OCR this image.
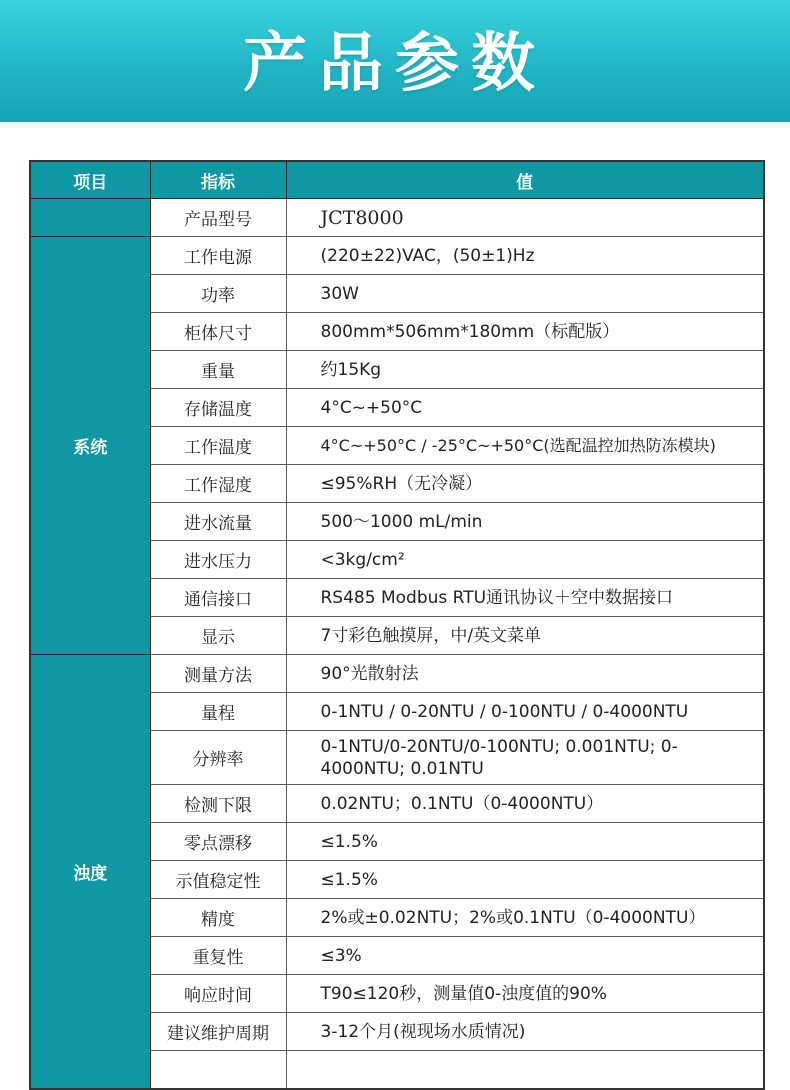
产品参数
项目	指标	值
	产品型号	JCT8000
系统	工作电源	(220±22)VAC，(50±1)Hz
	功率	30W
	柜体尺寸	800mm*506mm*180mm（标配版）
	重量	约15Kg
	存储温度	4°C~+50°C
	工作温度	4°C~+50°C / -25°C~+50°C(选配温控加热防冻模块)
	工作湿度	≤95%RH（无冷凝）
	进水流量	500～1000 mL/min
	进水压力	<3kg/cm²
	通信接口	RS485 Modbus RTU通讯协议＋空中数据接口
	显示	7寸彩色触摸屏，中/英文菜单
浊度	测量方法	90°光散射法
	量程	0-1NTU / 0-20NTU / 0-100NTU / 0-4000NTU
	分辨率	0-1NTU/0-20NTU/0-100NTU; 0.001NTU; 0-4000NTU; 0.01NTU
	检测下限	0.02NTU；0.1NTU（0-4000NTU）
	零点漂移	≤1.5%
	示值稳定性	≤1.5%
	精度	2%或±0.02NTU；2%或0.1NTU（0-4000NTU）
	重复性	≤3%
	响应时间	T90≤120秒，测量值0-浊度值的90%
	建议维护周期	3-12个月(视现场水质情况)
